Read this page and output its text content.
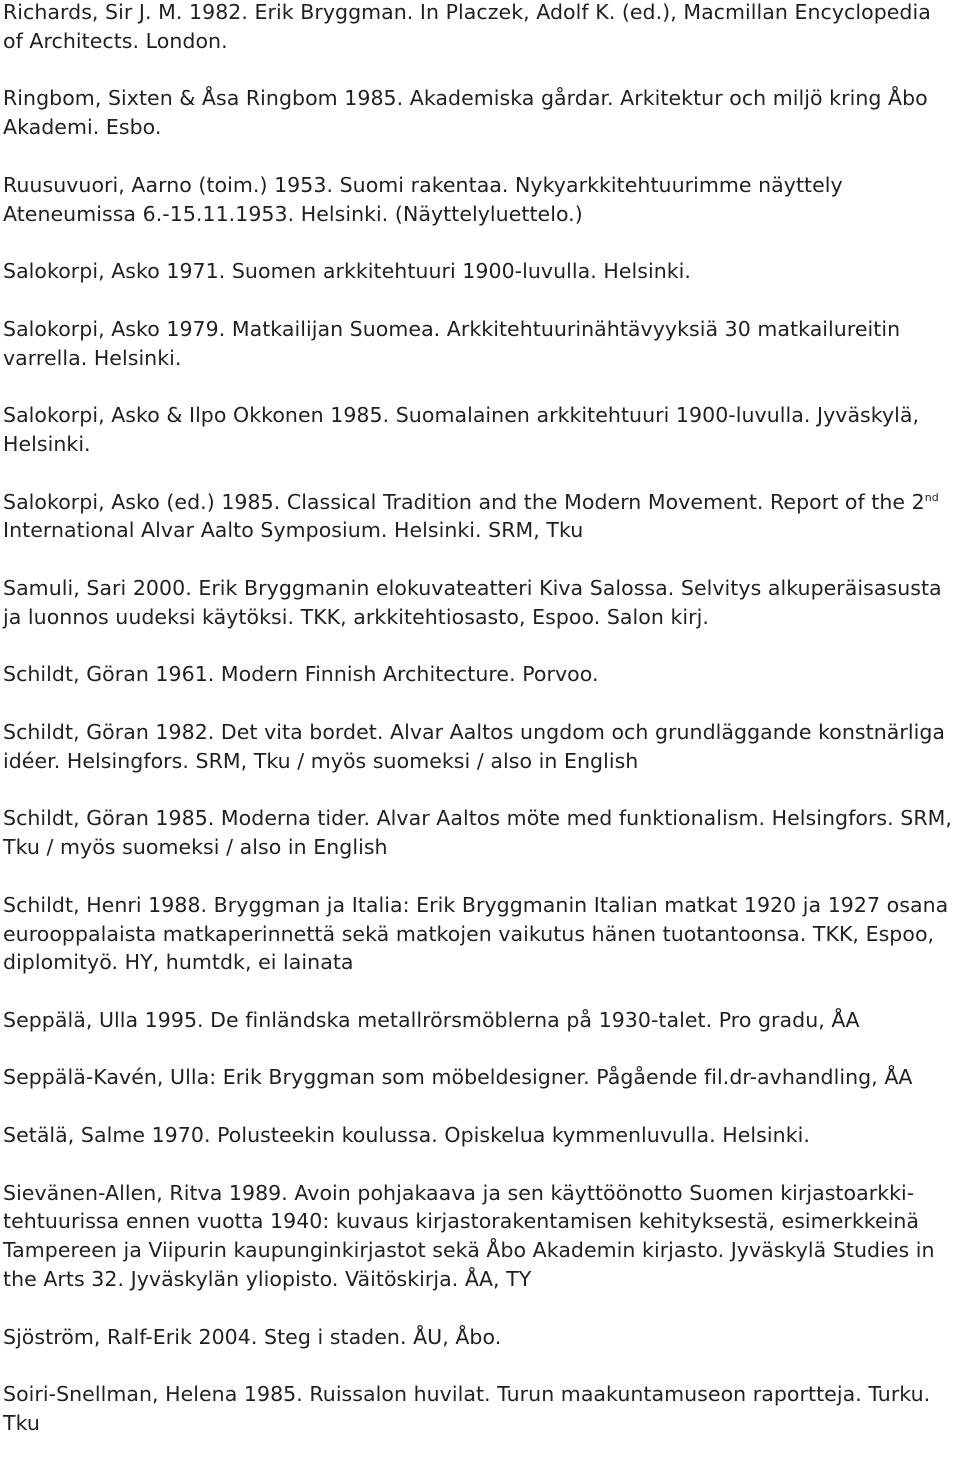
Richards, Sir J. M. 1982. Erik Bryggman. In Placzek, Adolf K. (ed.), Macmillan Encyclopedia of Architects. London.

Ringbom, Sixten & Åsa Ringbom 1985. Akademiska gårdar. Arkitektur och miljö kring Åbo Akademi. Esbo.

Ruusuvuori, Aarno (toim.) 1953. Suomi rakentaa. Nykyarkkitehtuurimme näyttely Ateneumissa 6.-15.11.1953. Helsinki. (Näyttelyluettelo.)

Salokorpi, Asko 1971. Suomen arkkitehtuuri 1900-luvulla. Helsinki.

Salokorpi, Asko 1979. Matkailijan Suomea. Arkkitehtuurinähtävyyksiä 30 matkailureitin varrella. Helsinki.

Salokorpi, Asko & Ilpo Okkonen 1985. Suomalainen arkkitehtuuri 1900-luvulla. Jyväskylä, Helsinki.

Salokorpi, Asko (ed.) 1985. Classical Tradition and the Modern Movement. Report of the 2nd International Alvar Aalto Symposium. Helsinki. SRM, Tku

Samuli, Sari 2000. Erik Bryggmanin elokuvateatteri Kiva Salossa. Selvitys alkuperäisasusta ja luonnos uudeksi käytöksi. TKK, arkkitehtiosasto, Espoo. Salon kirj.

Schildt, Göran 1961. Modern Finnish Architecture. Porvoo.

Schildt, Göran 1982. Det vita bordet. Alvar Aaltos ungdom och grundläggande konstnärliga idéer. Helsingfors. SRM, Tku / myös suomeksi / also in English

Schildt, Göran 1985. Moderna tider. Alvar Aaltos möte med funktionalism. Helsingfors. SRM, Tku / myös suomeksi / also in English

Schildt, Henri 1988. Bryggman ja Italia: Erik Bryggmanin Italian matkat 1920 ja 1927 osana eurooppalaista matkaperinnettä sekä matkojen vaikutus hänen tuotantoonsa. TKK, Espoo, diplomityö. HY, humtdk, ei lainata

Seppälä, Ulla 1995. De finländska metallrörsmöblerna på 1930-talet. Pro gradu, ÅA

Seppälä-Kavén, Ulla: Erik Bryggman som möbeldesigner. Pågående fil.dr-avhandling, ÅA

Setälä, Salme 1970. Polusteekin koulussa. Opiskelua kymmenluvulla. Helsinki.

Sievänen-Allen, Ritva 1989. Avoin pohjakaava ja sen käyttöönotto Suomen kirjastoarkki-tehtuurissa ennen vuotta 1940: kuvaus kirjastorakentamisen kehityksestä, esimerkkeinä Tampereen ja Viipurin kaupunginkirjastot sekä Åbo Akademin kirjasto. Jyväskylä Studies in the Arts 32. Jyväskylän yliopisto. Väitöskirja. ÅA, TY

Sjöström, Ralf-Erik 2004. Steg i staden. ÅU, Åbo.

Soiri-Snellman, Helena 1985. Ruissalon huvilat. Turun maakuntamuseon raportteja. Turku. Tku
